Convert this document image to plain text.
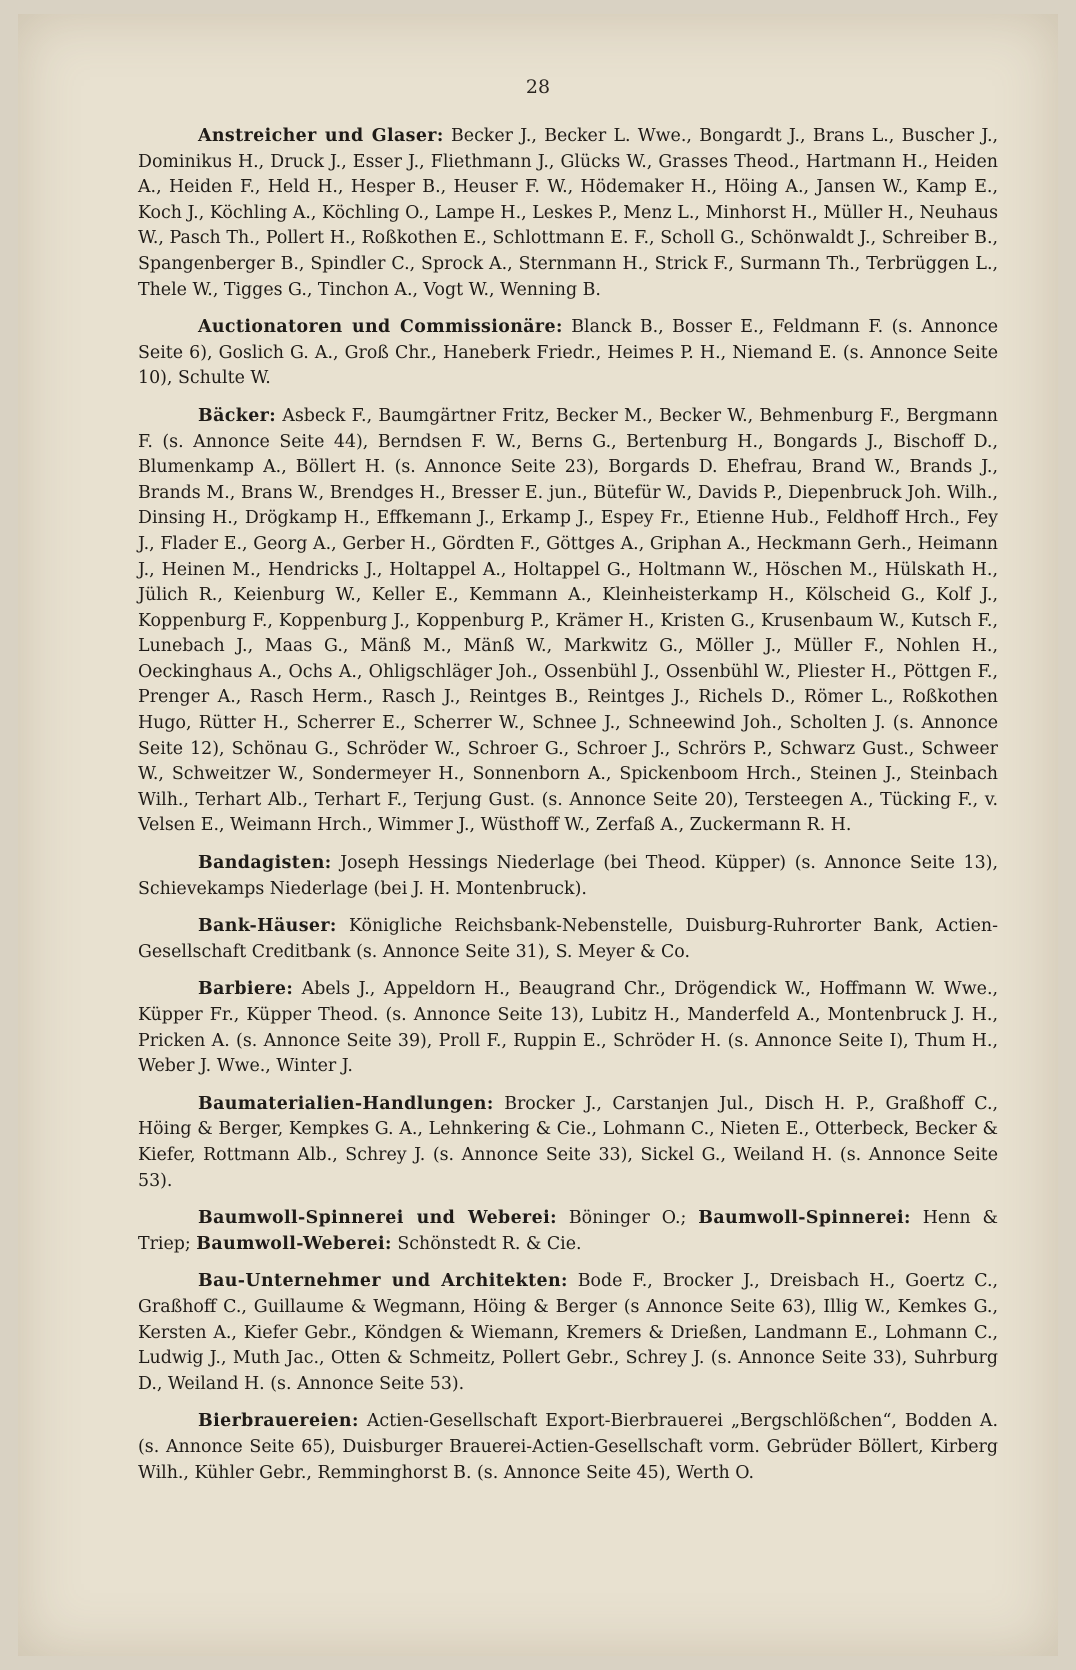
28

Anstreicher und Glaser: Becker J., Becker L. Wwe., Bongardt J., Brans L., Buscher J., Dominikus H., Druck J., Esser J., Fliethmann J., Glücks W., Grasses Theod., Hartmann H., Heiden A., Heiden F., Held H., Hesper B., Heuser F. W., Hödemaker H., Höing A., Jansen W., Kamp E., Koch J., Köchling A., Köchling O., Lampe H., Leskes P., Menz L., Minhorst H., Müller H., Neuhaus W., Pasch Th., Pollert H., Roßkothen E., Schlottmann E. F., Scholl G., Schönwaldt J., Schreiber B., Spangenberger B., Spindler C., Sprock A., Sternmann H., Strick F., Surmann Th., Terbrüggen L., Thele W., Tigges G., Tinchon A., Vogt W., Wenning B.

Auctionatoren und Commissionäre: Blanck B., Bosser E., Feldmann F. (s. Annonce Seite 6), Goslich G. A., Groß Chr., Haneberk Friedr., Heimes P. H., Niemand E. (s. Annonce Seite 10), Schulte W.

Bäcker: Asbeck F., Baumgärtner Fritz, Becker M., Becker W., Behmenburg F., Bergmann F. (s. Annonce Seite 44), Berndsen F. W., Berns G., Bertenburg H., Bongards J., Bischoff D., Blumenkamp A., Böllert H. (s. Annonce Seite 23), Borgards D. Ehefrau, Brand W., Brands J., Brands M., Brans W., Brendges H., Bresser E. jun., Bütefür W., Davids P., Diepenbruck Joh. Wilh., Dinsing H., Drögkamp H., Effkemann J., Erkamp J., Espey Fr., Etienne Hub., Feldhoff Hrch., Fey J., Flader E., Georg A., Gerber H., Gördten F., Göttges A., Griphan A., Heckmann Gerh., Heimann J., Heinen M., Hendricks J., Holtappel A., Holtappel G., Holtmann W., Höschen M., Hülskath H., Jülich R., Keienburg W., Keller E., Kemmann A., Kleinheisterkamp H., Kölscheid G., Kolf J., Koppenburg F., Koppenburg J., Koppenburg P., Krämer H., Kristen G., Krusenbaum W., Kutsch F., Lunebach J., Maas G., Mänß M., Mänß W., Markwitz G., Möller J., Müller F., Nohlen H., Oeckinghaus A., Ochs A., Ohligschläger Joh., Ossenbühl J., Ossenbühl W., Pliester H., Pöttgen F., Prenger A., Rasch Herm., Rasch J., Reintges B., Reintges J., Richels D., Römer L., Roßkothen Hugo, Rütter H., Scherrer E., Scherrer W., Schnee J., Schneewind Joh., Scholten J. (s. Annonce Seite 12), Schönau G., Schröder W., Schroer G., Schroer J., Schrörs P., Schwarz Gust., Schweer W., Schweitzer W., Sondermeyer H., Sonnenborn A., Spickenboom Hrch., Steinen J., Steinbach Wilh., Terhart Alb., Terhart F., Terjung Gust. (s. Annonce Seite 20), Tersteegen A., Tücking F., v. Velsen E., Weimann Hrch., Wimmer J., Wüsthoff W., Zerfaß A., Zuckermann R. H.

Bandagisten: Joseph Hessings Niederlage (bei Theod. Küpper) (s. Annonce Seite 13), Schievekamps Niederlage (bei J. H. Montenbruck).

Bank-Häuser: Königliche Reichsbank-Nebenstelle, Duisburg-Ruhrorter Bank, Actien-Gesellschaft Creditbank (s. Annonce Seite 31), S. Meyer & Co.

Barbiere: Abels J., Appeldorn H., Beaugrand Chr., Drögendick W., Hoffmann W. Wwe., Küpper Fr., Küpper Theod. (s. Annonce Seite 13), Lubitz H., Manderfeld A., Montenbruck J. H., Pricken A. (s. Annonce Seite 39), Proll F., Ruppin E., Schröder H. (s. Annonce Seite I), Thum H., Weber J. Wwe., Winter J.

Baumaterialien-Handlungen: Brocker J., Carstanjen Jul., Disch H. P., Graßhoff C., Höing & Berger, Kempkes G. A., Lehnkering & Cie., Lohmann C., Nieten E., Otterbeck, Becker & Kiefer, Rottmann Alb., Schrey J. (s. Annonce Seite 33), Sickel G., Weiland H. (s. Annonce Seite 53).

Baumwoll-Spinnerei und Weberei: Böninger O.; Baumwoll-Spinnerei: Henn & Triep; Baumwoll-Weberei: Schönstedt R. & Cie.

Bau-Unternehmer und Architekten: Bode F., Brocker J., Dreisbach H., Goertz C., Graßhoff C., Guillaume & Wegmann, Höing & Berger (s Annonce Seite 63), Illig W., Kemkes G., Kersten A., Kiefer Gebr., Köndgen & Wiemann, Kremers & Drießen, Landmann E., Lohmann C., Ludwig J., Muth Jac., Otten & Schmeitz, Pollert Gebr., Schrey J. (s. Annonce Seite 33), Suhrburg D., Weiland H. (s. Annonce Seite 53).

Bierbrauereien: Actien-Gesellschaft Export-Bierbrauerei „Bergschlößchen“, Bodden A. (s. Annonce Seite 65), Duisburger Brauerei-Actien-Gesellschaft vorm. Gebrüder Böllert, Kirberg Wilh., Kühler Gebr., Remminghorst B. (s. Annonce Seite 45), Werth O.
